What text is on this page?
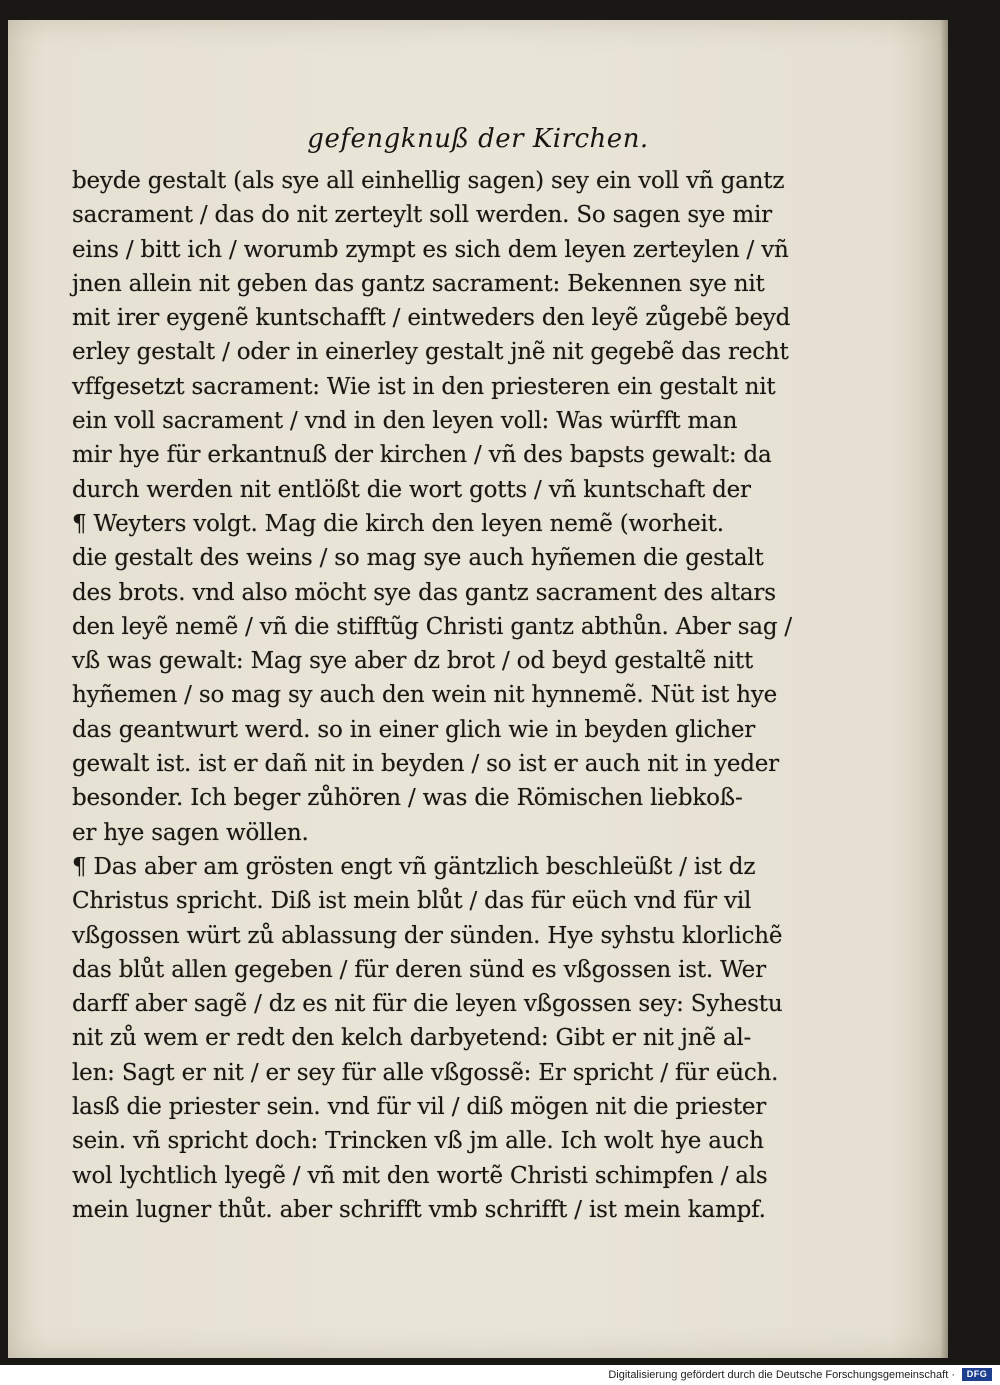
gefengknuß der Kirchen.
beyde gestalt (als sye all einhellig sagen) sey ein voll vñ gantz
sacrament / das do nit zerteylt soll werden. So sagen sye mir
eins / bitt ich / worumb zympt es sich dem leyen zerteylen / vñ
jnen allein nit geben das gantz sacrament: Bekennen sye nit
mit irer eygenẽ kuntschafft / eintweders den leyẽ zůgebẽ beyd
erley gestalt / oder in einerley gestalt jnẽ nit gegebẽ das recht
vffgesetzt sacrament: Wie ist in den priesteren ein gestalt nit
ein voll sacrament / vnd in den leyen voll: Was würfft man
mir hye für erkantnuß der kirchen / vñ des bapsts gewalt: da
durch werden nit entlößt die wort gotts / vñ kuntschaft der
¶ Weyters volgt. Mag die kirch den leyen nemẽ (worheit.
die gestalt des weins / so mag sye auch hyñemen die gestalt
des brots. vnd also möcht sye das gantz sacrament des altars
den leyẽ nemẽ / vñ die stifftũg Christi gantz abthůn. Aber sag /
vß was gewalt: Mag sye aber dz brot / od beyd gestaltẽ nitt
hyñemen / so mag sy auch den wein nit hynnemẽ. Nüt ist hye
das geantwurt werd. so in einer glich wie in beyden glicher
gewalt ist. ist er dañ nit in beyden / so ist er auch nit in yeder
besonder. Ich beger zůhören / was die Römischen liebkoß-
er hye sagen wöllen.
¶ Das aber am grösten engt vñ gäntzlich beschleüßt / ist dz
Christus spricht. Diß ist mein blůt / das für eüch vnd für vil
vßgossen würt zů ablassung der sünden. Hye syhstu klorlichẽ
das blůt allen gegeben / für deren sünd es vßgossen ist. Wer
darff aber sagẽ / dz es nit für die leyen vßgossen sey: Syhestu
nit zů wem er redt den kelch darbyetend: Gibt er nit jnẽ al-
len: Sagt er nit / er sey für alle vßgossẽ: Er spricht / für eüch.
lasß die priester sein. vnd für vil / diß mögen nit die priester
sein. vñ spricht doch: Trincken vß jm alle. Ich wolt hye auch
wol lychtlich lyegẽ / vñ mit den wortẽ Christi schimpfen / als
mein lugner thůt. aber schrifft vmb schrifft / ist mein kampf.
Digitalisierung gefördert durch die Deutsche Forschungsgemeinschaft ·	DFG
